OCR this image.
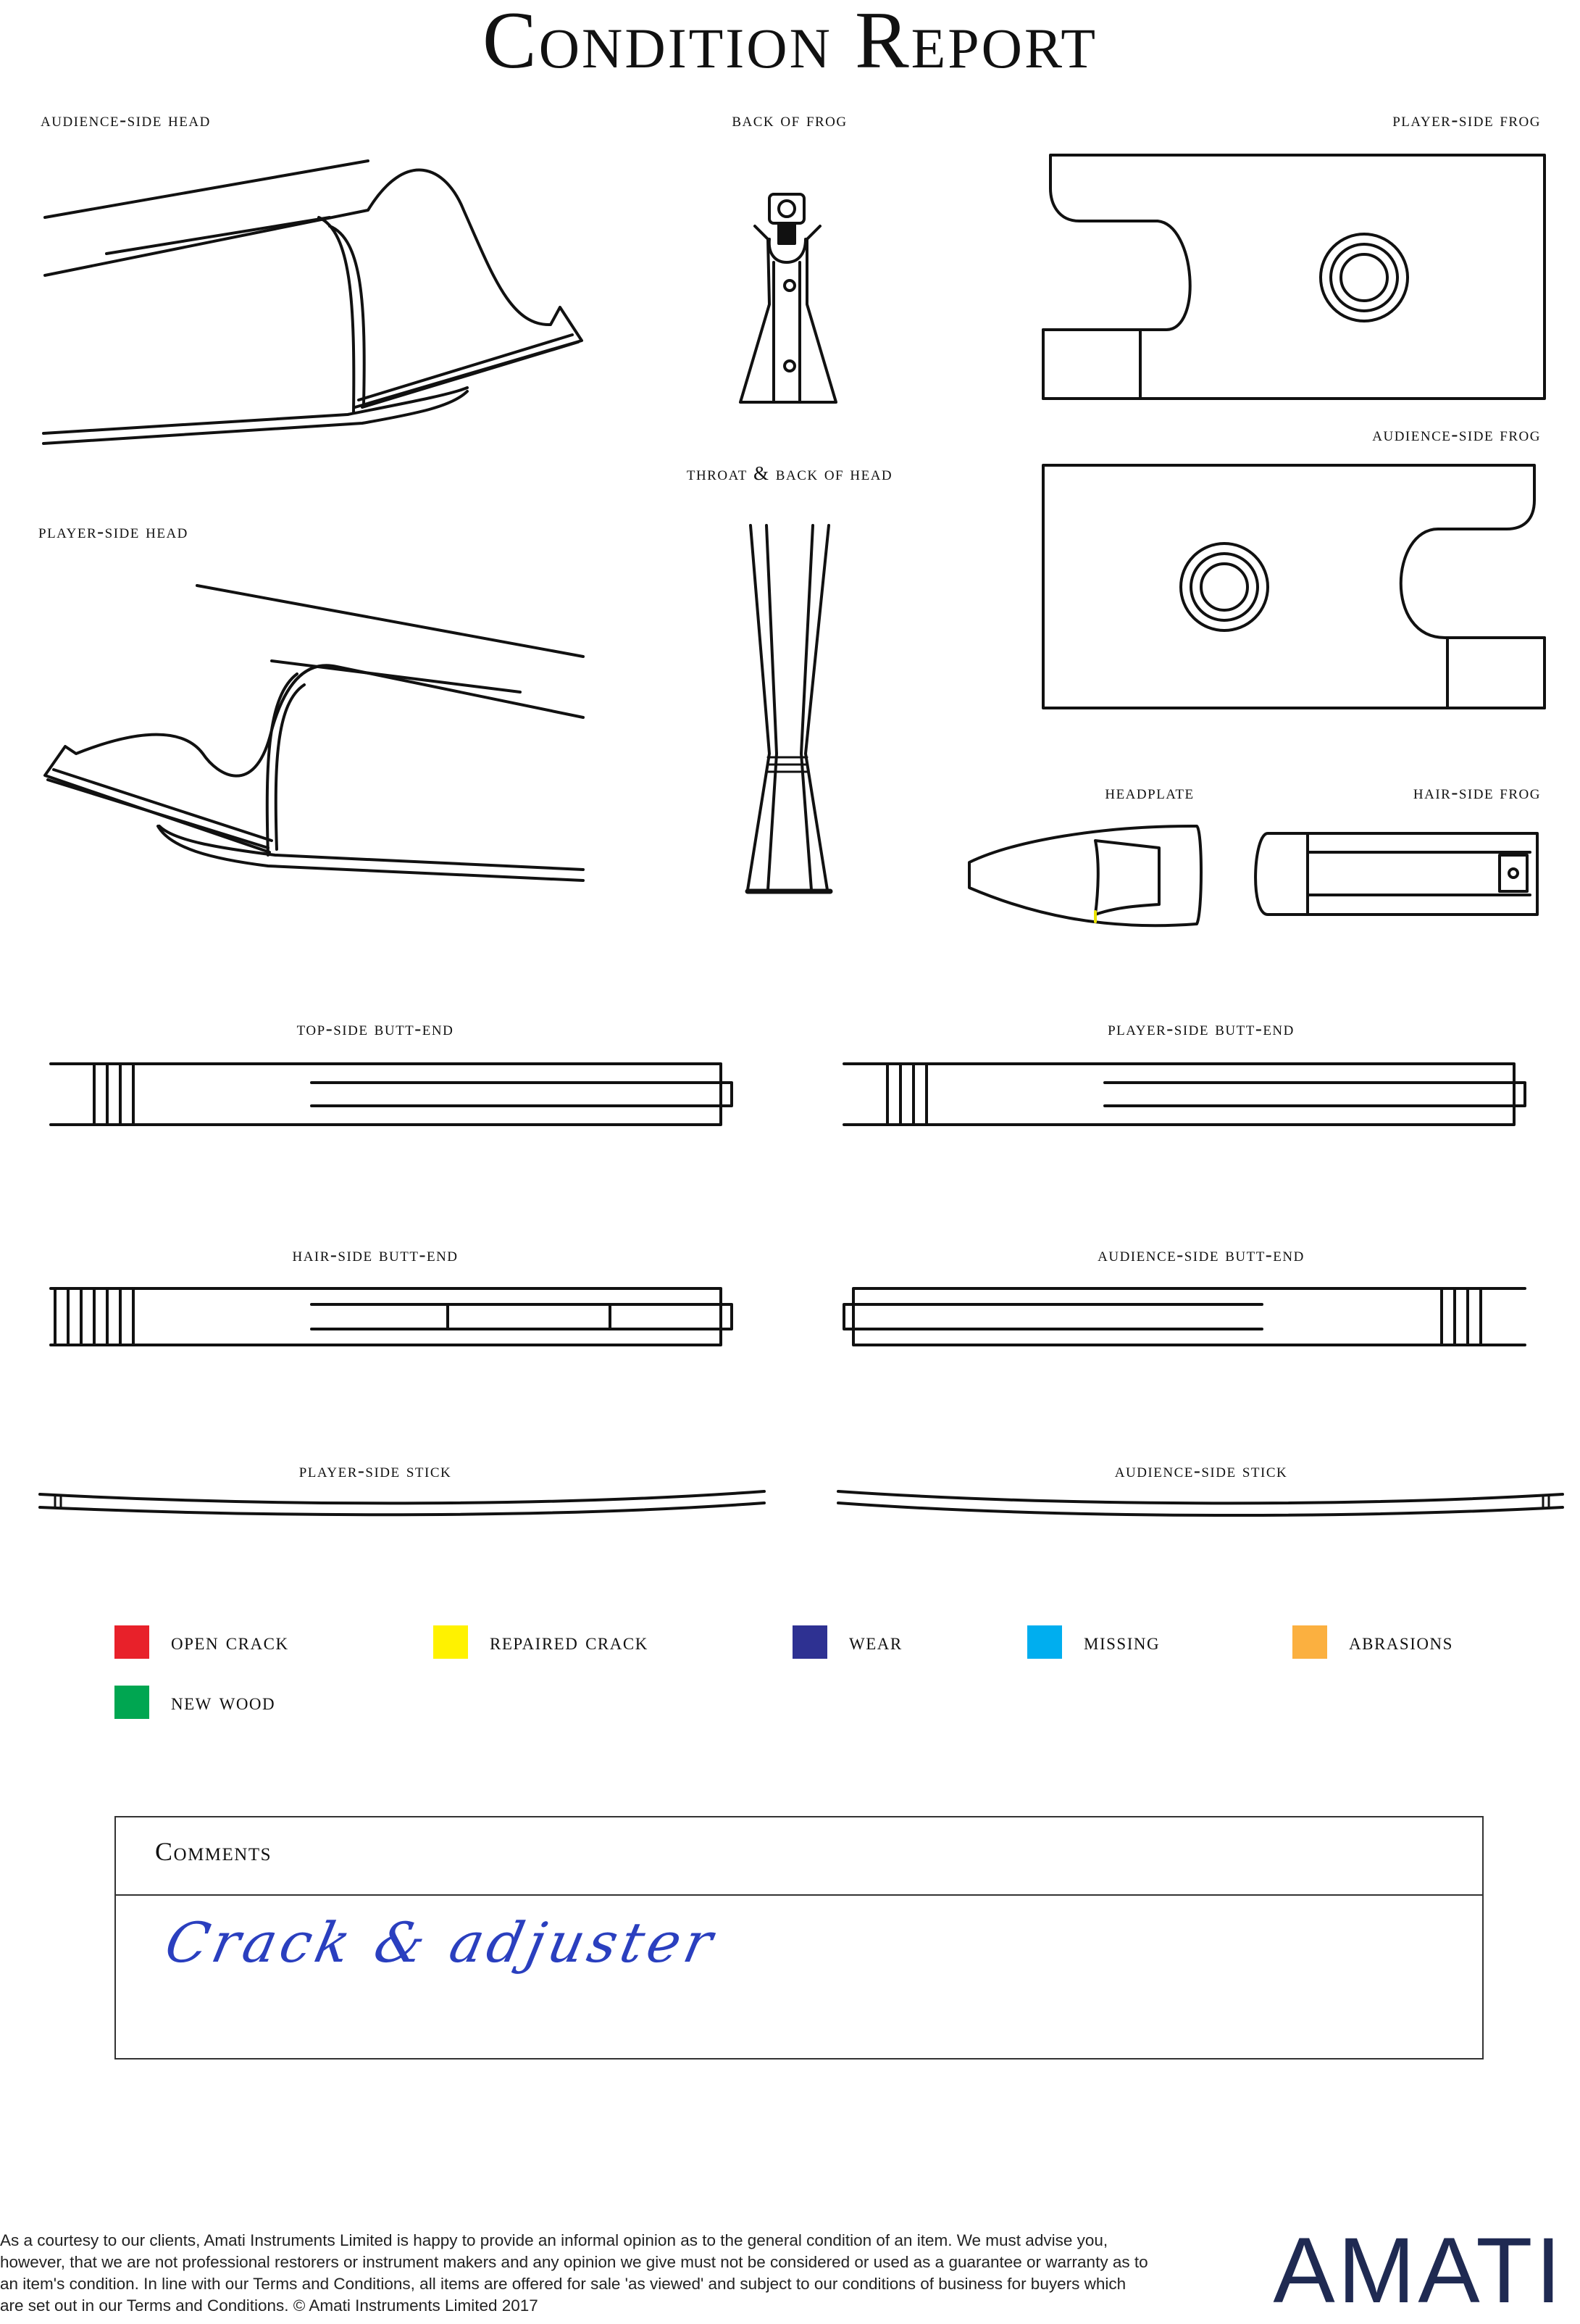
Condition Report
audience-side head	back of frog	player-side frog
throat & back of head
audience-side frog
player-side head
headplate	hair-side frog
top-side butt-end	player-side butt-end
hair-side butt-end	audience-side butt-end
player-side stick	audience-side stick
open crack	repaired crack	wear	missing	abrasions
new wood
Comments
Crack & adjuster
As a courtesy to our clients, Amati Instruments Limited is happy to provide an informal opinion as to the general condition of an item. We must advise you, however, that we are not professional restorers or instrument makers and any opinion we give must not be considered or used as a guarantee or warranty as to an item's condition. In line with our Terms and Conditions, all items are offered for sale 'as viewed' and subject to our conditions of business for buyers which are set out in our Terms and Conditions. © Amati Instruments Limited 2017	AMATI
